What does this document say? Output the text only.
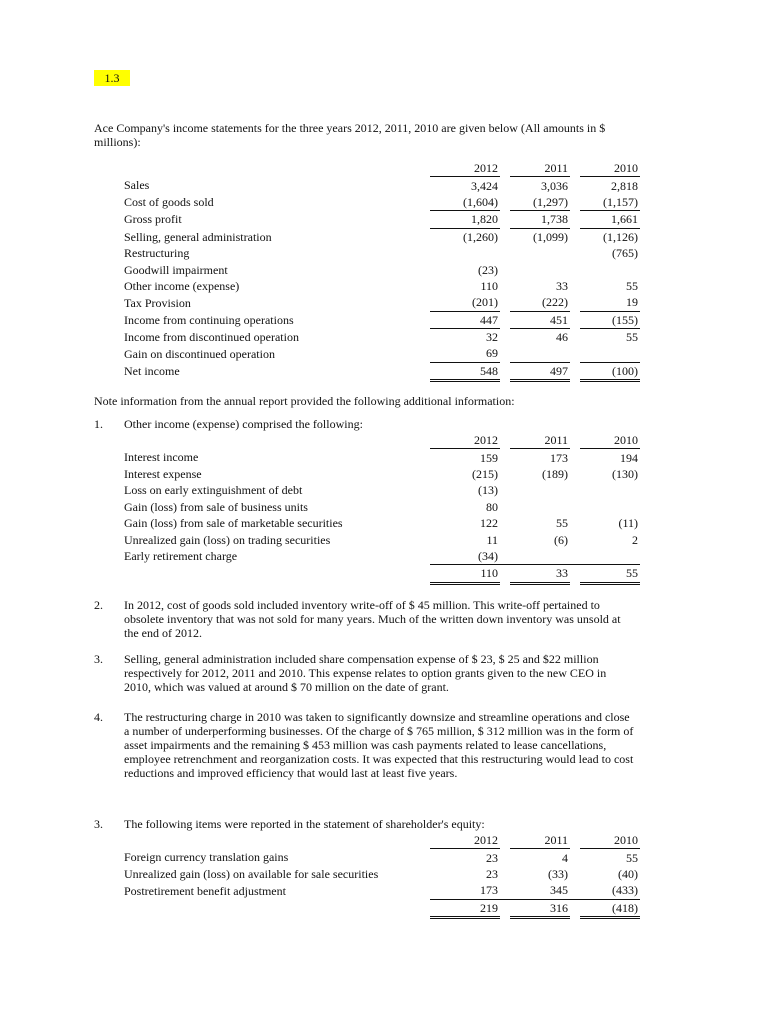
1.3

Ace Company's income statements for the three years 2012, 2011, 2010 are given below (All amounts in $ millions):

	2012		2011		2010
Sales	3,424		3,036		2,818
Cost of goods sold	(1,604)		(1,297)		(1,157)
Gross profit	1,820		1,738		1,661
Selling, general administration	(1,260)		(1,099)		(1,126)
Restructuring					(765)
Goodwill impairment	(23)				
Other income (expense)	110		33		55
Tax Provision	(201)		(222)		19
Income from continuing operations	447		451		(155)
Income from discontinued operation	32		46		55
Gain on discontinued operation	69				
Net income	548		497		(100)

Note information from the annual report provided the following additional information:

1.	Other income (expense) comprised the following:

	2012		2011		2010
Interest income	159		173		194
Interest expense	(215)		(189)		(130)
Loss on early extinguishment of debt	(13)				
Gain (loss) from sale of business units	80				
Gain (loss) from sale of marketable securities	122		55		(11)
Unrealized gain (loss) on trading securities	11		(6)		2
Early retirement charge	(34)				
	110		33		55
2.	In 2012, cost of goods sold included inventory write-off of $ 45 million. This write-off pertained to obsolete inventory that was not sold for many years. Much of the written down inventory was unsold at the end of 2012.

3.	Selling, general administration included share compensation expense of $ 23, $ 25 and $22 million respectively for 2012, 2011 and 2010. This expense relates to option grants given to the new CEO in 2010, which was valued at around $ 70 million on the date of grant.

4.	The restructuring charge in 2010 was taken to significantly downsize and streamline operations and close a number of underperforming businesses. Of the charge of $ 765 million, $ 312 million was in the form of asset impairments and the remaining $ 453 million was cash payments related to lease cancellations, employee retrenchment and reorganization costs. It was expected that this restructuring would lead to cost reductions and improved efficiency that would last at least five years.

3.	The following items were reported in the statement of shareholder's equity:

	2012		2011		2010
Foreign currency translation gains	23		4		55
Unrealized gain (loss) on available for sale securities	23		(33)		(40)
Postretirement benefit adjustment	173		345		(433)
	219		316		(418)
